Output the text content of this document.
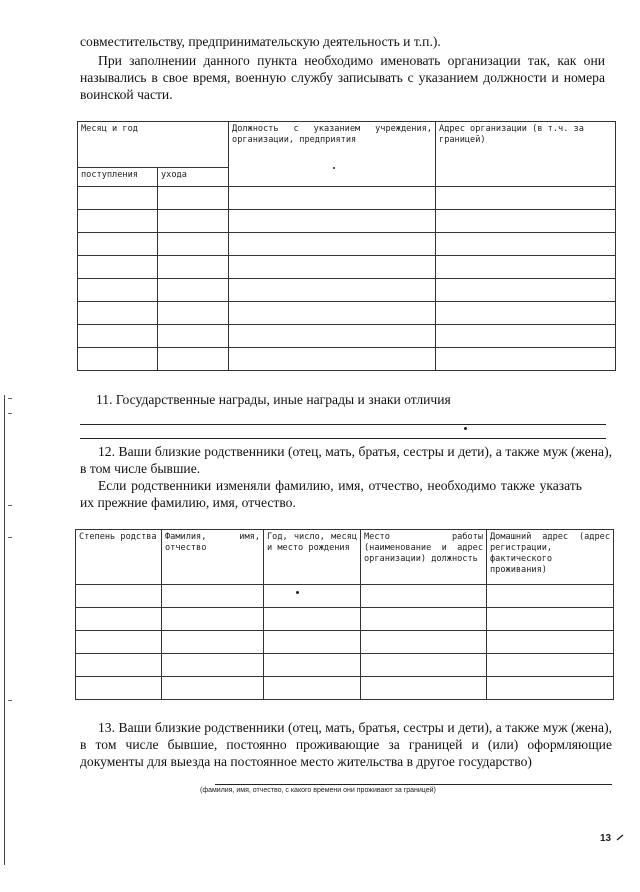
совместительству, предпринимательскую деятельность и т.п.).
При заполнении данного пункта необходимо именовать организации так, как они назывались в свое время, военную службу записывать с указанием должности и номера воинской части.
Месяц и год		Должность с указанием учреждения, организации, предприятия	Адрес организации (в т.ч. за границей)
поступления	ухода		

11. Государственные награды, иные награды и знаки отличия
12. Ваши близкие родственники (отец, мать, братья, сестры и дети), а также муж (жена), в том числе бывшие.
Если родственники изменяли фамилию, имя, отчество, необходимо также указать их прежние фамилию, имя, отчество.
Степень родства	Фамилия, имя, отчество	Год, число, месяц и место рождения	Место работы (наименование и адрес организации) должность	Домашний адрес (адрес регистрации, фактического проживания)

13. Ваши близкие родственники (отец, мать, братья, сестры и дети), а также муж (жена), в том числе бывшие, постоянно проживающие за границей и (или) оформляющие документы для выезда на постоянное место жительства в другое государство)
(фамилия, имя, отчество, с какого времени они проживают за границей)
13
